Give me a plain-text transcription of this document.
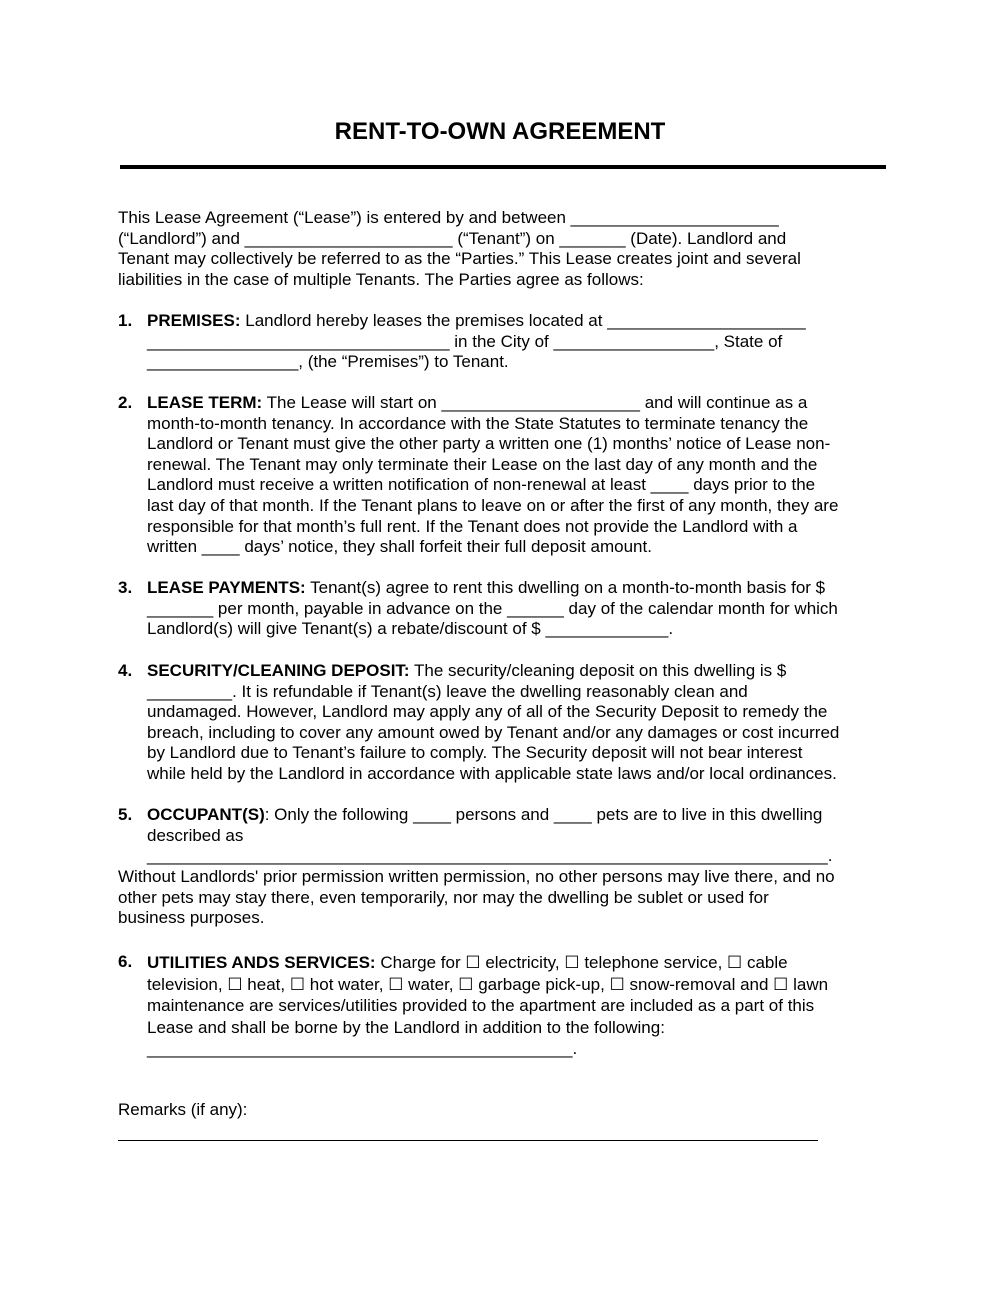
RENT-TO-OWN AGREEMENT
This Lease Agreement (“Lease”) is entered by and between ______________________
(“Landlord”) and ______________________ (“Tenant”) on _______ (Date). Landlord and
Tenant may collectively be referred to as the “Parties.” This Lease creates joint and several
liabilities in the case of multiple Tenants. The Parties agree as follows:
1. PREMISES: Landlord hereby leases the premises located at _____________________
________________________________ in the City of _________________, State of
________________, (the “Premises”) to Tenant.
2. LEASE TERM: The Lease will start on _____________________ and will continue as a
month-to-month tenancy. In accordance with the State Statutes to terminate tenancy the
Landlord or Tenant must give the other party a written one (1) months’ notice of Lease non-
renewal. The Tenant may only terminate their Lease on the last day of any month and the
Landlord must receive a written notification of non-renewal at least ____ days prior to the
last day of that month. If the Tenant plans to leave on or after the first of any month, they are
responsible for that month’s full rent. If the Tenant does not provide the Landlord with a
written ____ days’ notice, they shall forfeit their full deposit amount.
3. LEASE PAYMENTS: Tenant(s) agree to rent this dwelling on a month-to-month basis for $
_______ per month, payable in advance on the ______ day of the calendar month for which
Landlord(s) will give Tenant(s) a rebate/discount of $ _____________.
4. SECURITY/CLEANING DEPOSIT: The security/cleaning deposit on this dwelling is $
_________. It is refundable if Tenant(s) leave the dwelling reasonably clean and
undamaged. However, Landlord may apply any of all of the Security Deposit to remedy the
breach, including to cover any amount owed by Tenant and/or any damages or cost incurred
by Landlord due to Tenant’s failure to comply. The Security deposit will not bear interest
while held by the Landlord in accordance with applicable state laws and/or local ordinances.
5. OCCUPANT(S): Only the following ____ persons and ____ pets are to live in this dwelling
described as
________________________________________________________________________.
Without Landlords' prior permission written permission, no other persons may live there, and no
other pets may stay there, even temporarily, nor may the dwelling be sublet or used for
business purposes.
6. UTILITIES ANDS SERVICES: Charge for ☐ electricity, ☐ telephone service, ☐ cable
television, ☐ heat, ☐ hot water, ☐ water, ☐ garbage pick-up, ☐ snow-removal and ☐ lawn
maintenance are services/utilities provided to the apartment are included as a part of this
Lease and shall be borne by the Landlord in addition to the following:
_____________________________________________.
Remarks (if any):
